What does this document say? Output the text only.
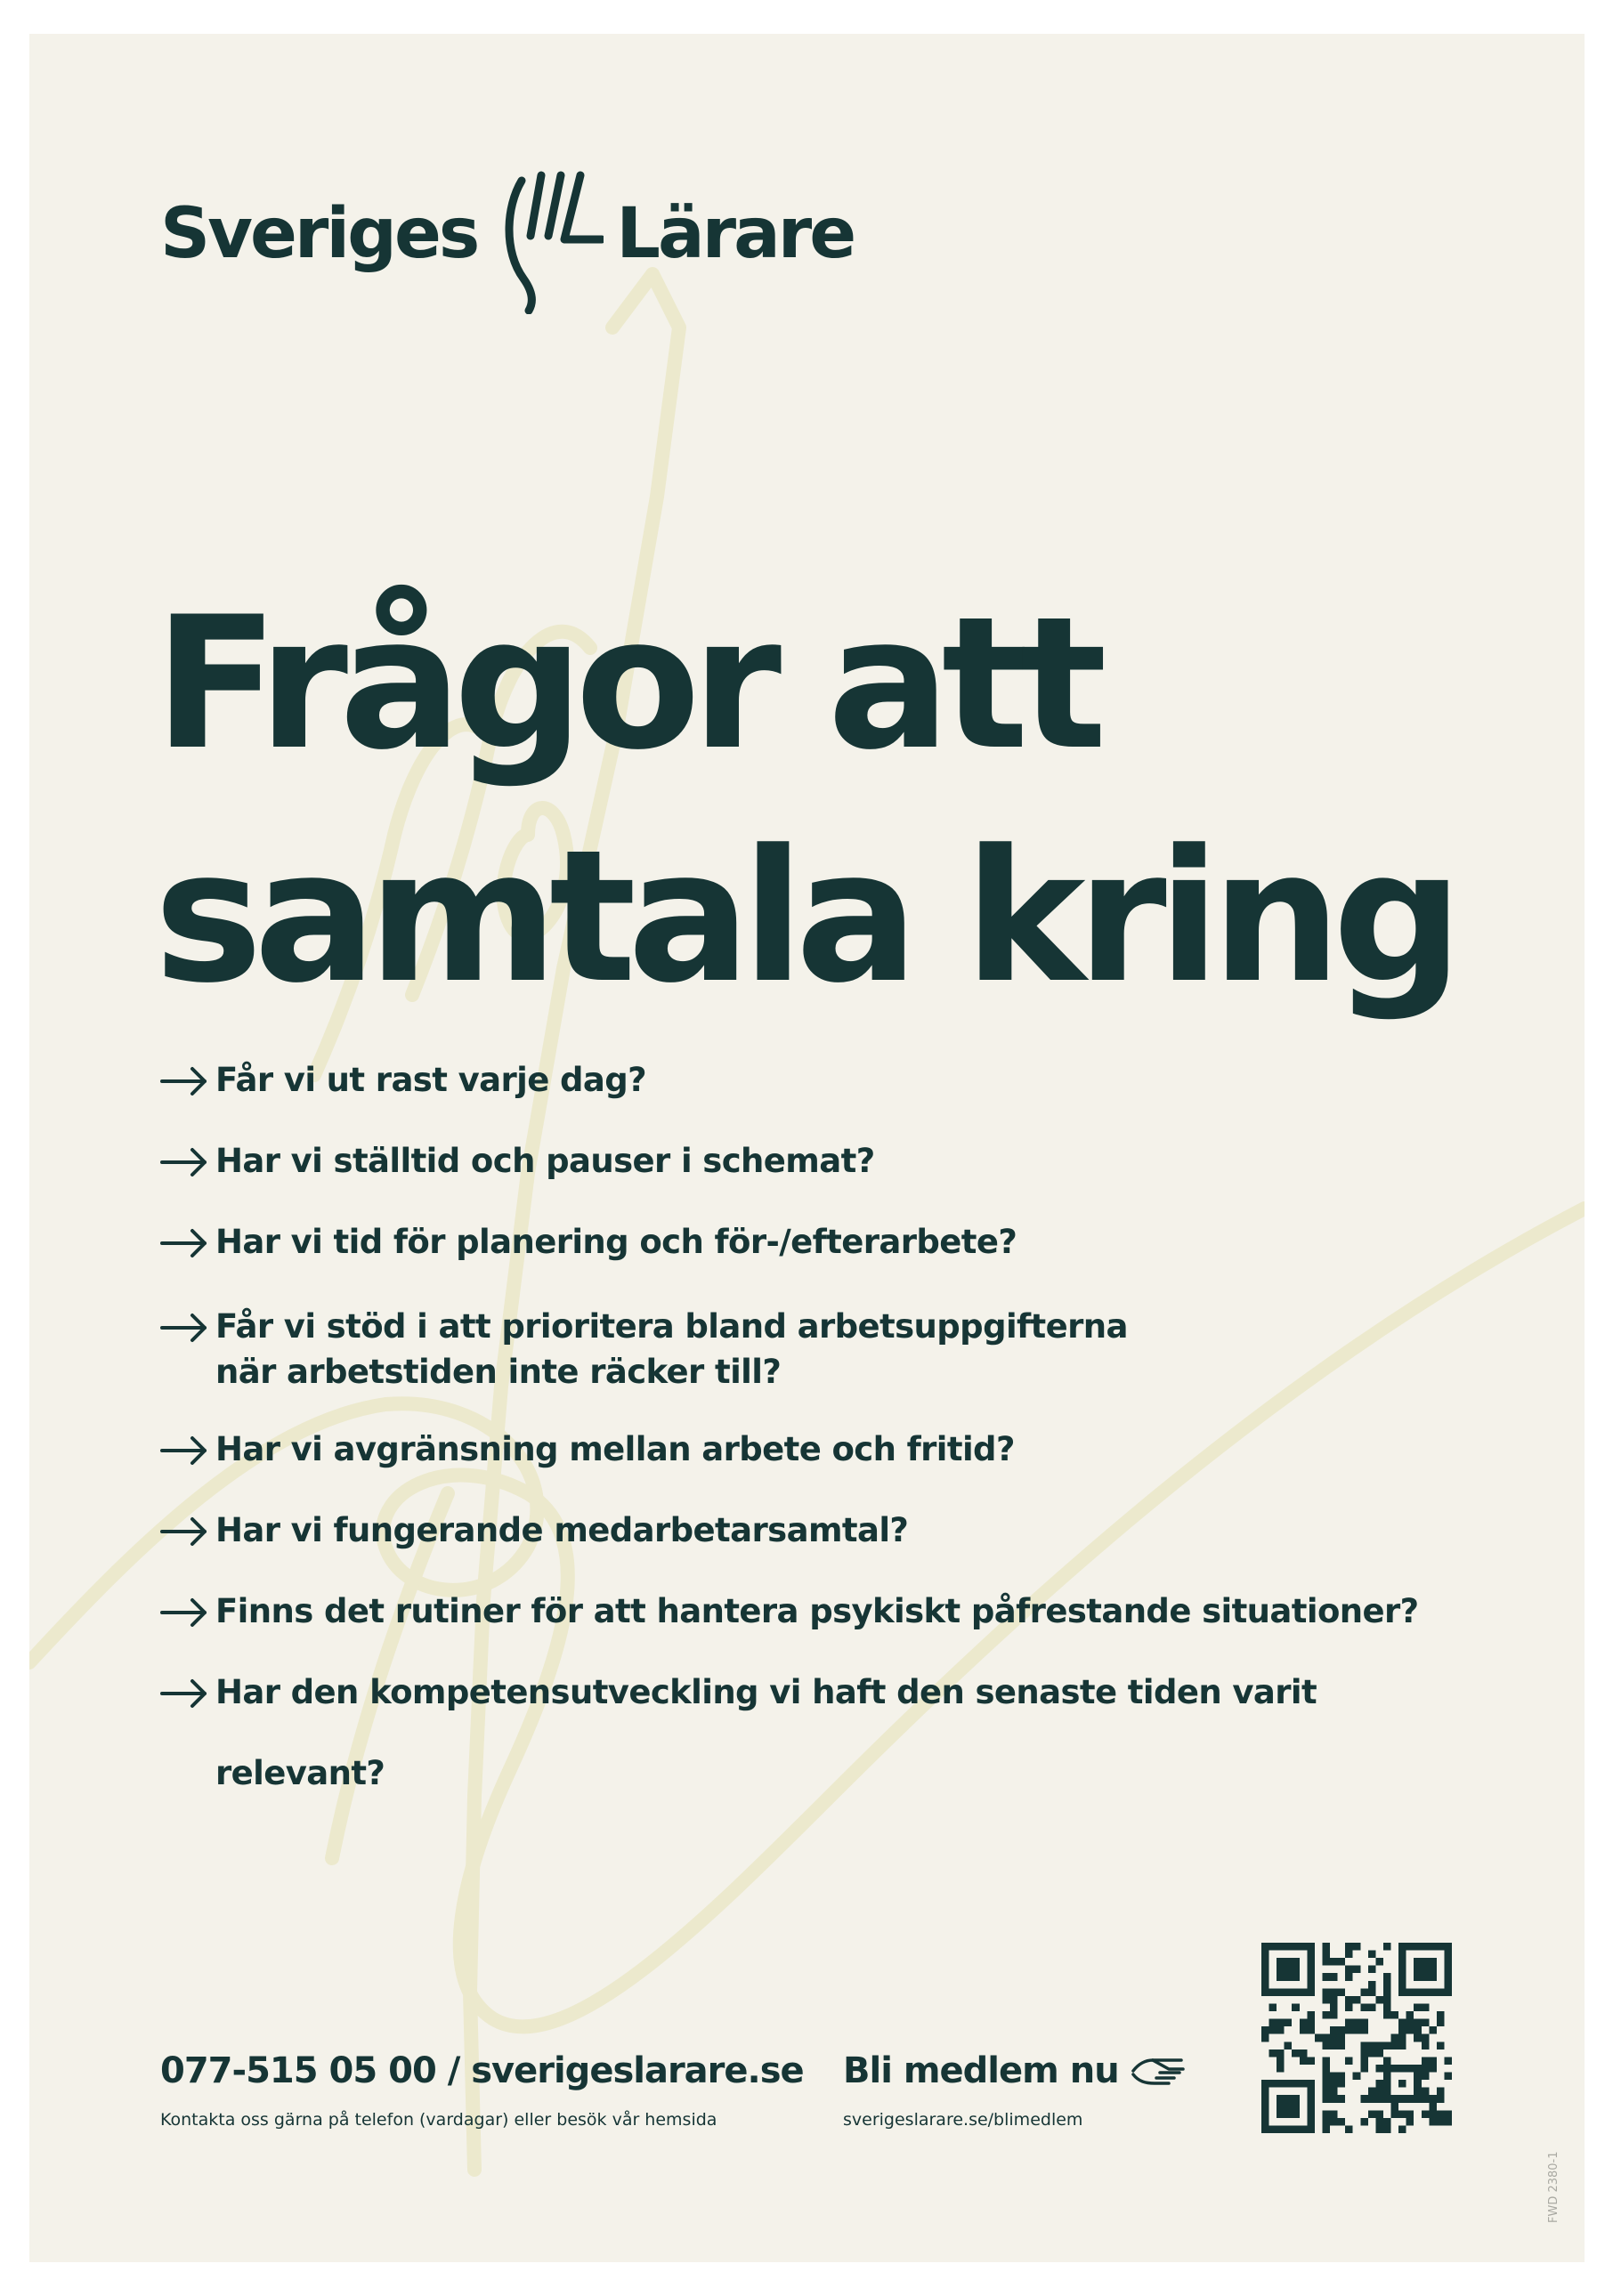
Sveriges Lärare
Frågor att
samtala kring
Får vi ut rast varje dag?
Har vi ställtid och pauser i schemat?
Har vi tid för planering och för-/efterarbete?
Får vi stöd i att prioritera bland arbetsuppgifterna
när arbetstiden inte räcker till?
Har vi avgränsning mellan arbete och fritid?
Har vi fungerande medarbetarsamtal?
Finns det rutiner för att hantera psykiskt påfrestande situationer?
Har den kompetensutveckling vi haft den senaste tiden varit
relevant?
077-515 05 00 / sverigeslarare.se
Kontakta oss gärna på telefon (vardagar) eller besök vår hemsida
Bli medlem nu
sverigeslarare.se/blimedlem
FWD 2380-1
